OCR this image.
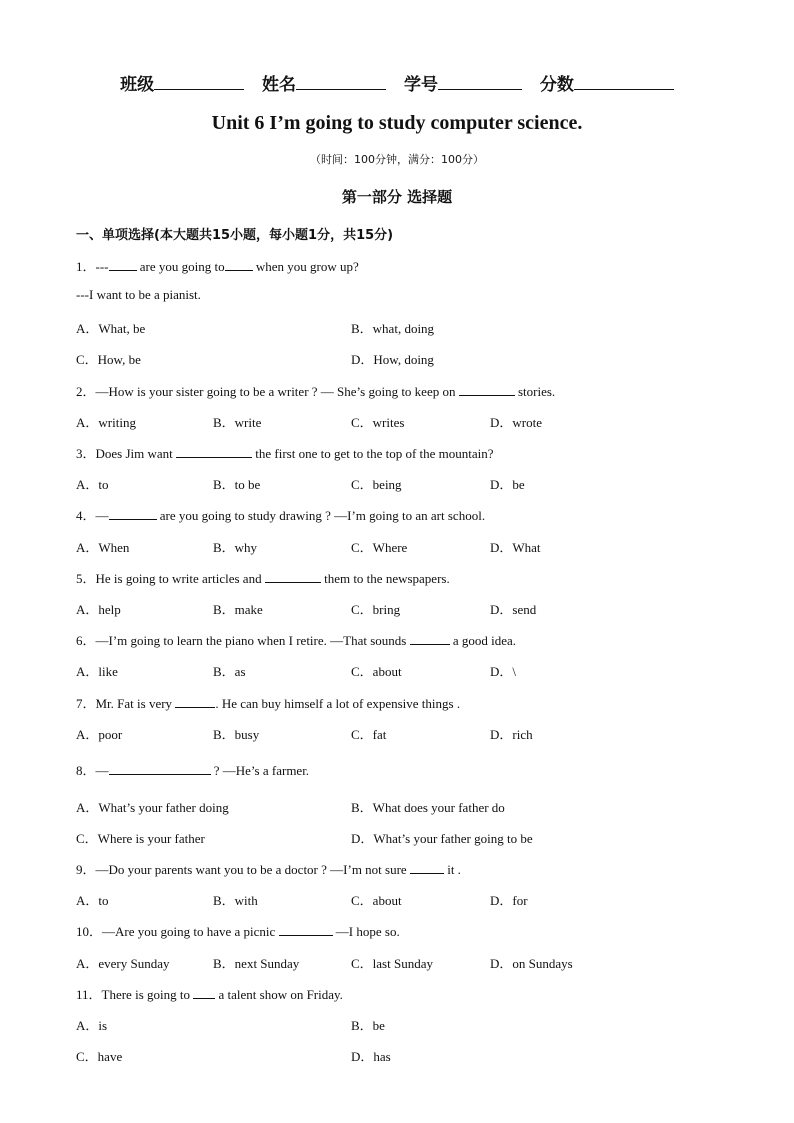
班级	姓名	学号	分数
Unit 6 I’m going to study computer science.
（时间：100分钟，满分：100分）
第一部分 选择题
一、单项选择(本大题共15小题，每小题1分，共15分)
1．--- are you going to when you grow up?
---I want to be a pianist.
A．What, be	B．what, doing
C．How, be	D．How, doing
2．—How is your sister going to be a writer ? — She’s going to keep on	stories.
A．writing	B．write	C．writes	D．wrote
3．Does Jim want	the first one to get to the top of the mountain?
A．to	B．to be	C．being	D．be
4．—	are you going to study drawing ? —I’m going to an art school.
A．When	B．why	C．Where	D．What
5．He is going to write articles and	them to the newspapers.
A．help	B．make	C．bring	D．send
6．—I’m going to learn the piano when I retire. —That sounds	a good idea.
A．like	B．as	C．about	D．\
7．Mr. Fat is very	. He can buy himself a lot of expensive things .
A．poor	B．busy	C．fat	D．rich
8．—	? —He’s a farmer.
A．What’s your father doing	B．What does your father do
C．Where is your father	D．What’s your father going to be
9．—Do your parents want you to be a doctor ? —I’m not sure	it .
A．to	B．with	C．about	D．for
10．—Are you going to have a picnic	—I hope so.
A．every Sunday	B．next Sunday	C．last Sunday	D．on Sundays
11．There is going to a talent show on Friday.
A．is	B．be
C．have	D．has
